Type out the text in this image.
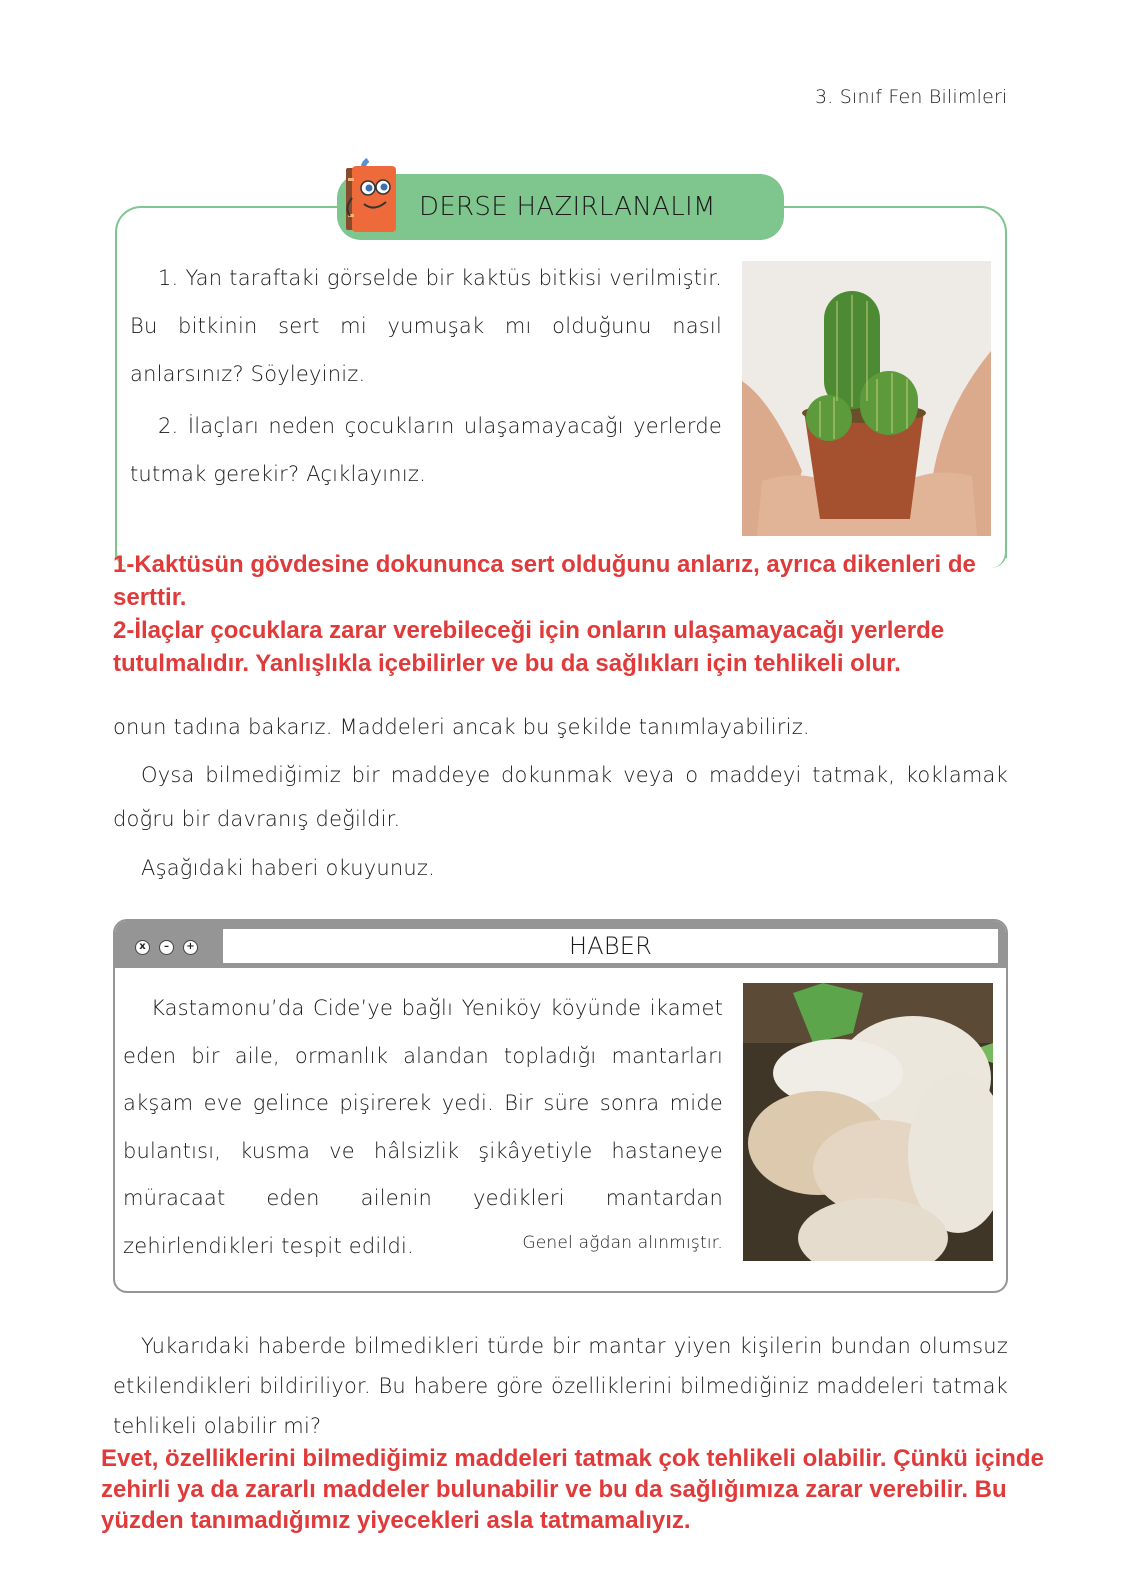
3. Sınıf Fen Bilimleri
DERSE HAZIRLANALIM
1. Yan taraftaki görselde bir kaktüs bitkisi verilmiştir. Bu bitkinin sert mi yumuşak mı olduğunu nasıl anlarsınız? Söyleyiniz.
2. İlaçları neden çocukların ulaşamayacağı yerlerde tutmak gerekir? Açıklayınız.
1-Kaktüsün gövdesine dokununca sert olduğunu anlarız, ayrıca dikenleri de serttir.
2-İlaçlar çocuklara zarar verebileceği için onların ulaşamayacağı yerlerde tutulmalıdır. Yanlışlıkla içebilirler ve bu da sağlıkları için tehlikeli olur.
onun tadına bakarız. Maddeleri ancak bu şekilde tanımlayabiliriz.
Oysa bilmediğimiz bir maddeye dokunmak veya o maddeyi tatmak, koklamak doğru bir davranış değildir.
Aşağıdaki haberi okuyunuz.
x	–	+	HABER
Kastamonu’da Cide’ye bağlı Yeniköy köyünde ikamet eden bir aile, ormanlık alandan topladığı mantarları akşam eve gelince pişirerek yedi. Bir süre sonra mide bulantısı, kusma ve hâlsizlik şikâyetiyle hastaneye müracaat eden ailenin yedikleri mantardan zehirlendikleri tespit edildi.	Genel ağdan alınmıştır.
Yukarıdaki haberde bilmedikleri türde bir mantar yiyen kişilerin bundan olumsuz etkilendikleri bildiriliyor. Bu habere göre özelliklerini bilmediğiniz maddeleri tatmak tehlikeli olabilir mi?
Evet, özelliklerini bilmediğimiz maddeleri tatmak çok tehlikeli olabilir. Çünkü içinde zehirli ya da zararlı maddeler bulunabilir ve bu da sağlığımıza zarar verebilir. Bu yüzden tanımadığımız yiyecekleri asla tatmamalıyız.
